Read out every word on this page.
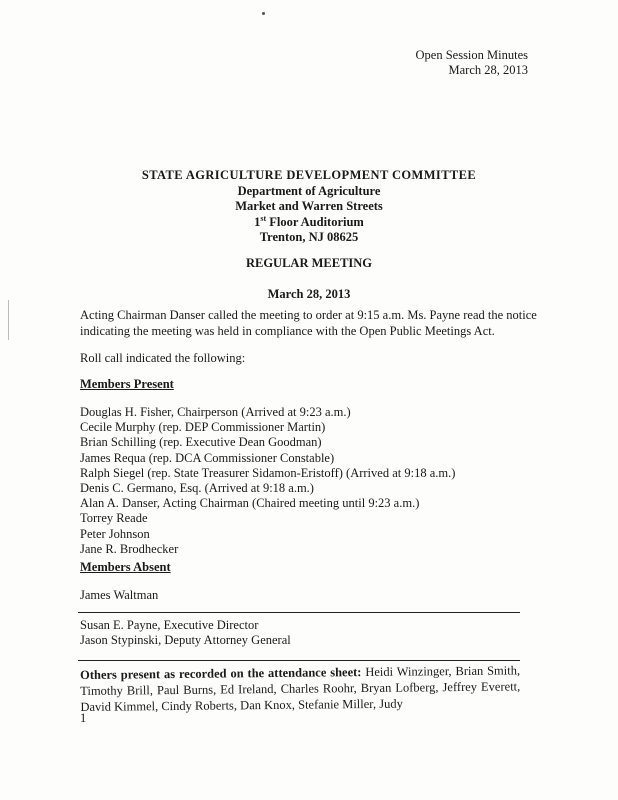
Open Session Minutes
March 28, 2013
STATE AGRICULTURE DEVELOPMENT COMMITTEE
Department of Agriculture
Market and Warren Streets
1st Floor Auditorium
Trenton, NJ 08625
REGULAR MEETING
March 28, 2013
Acting Chairman Danser called the meeting to order at 9:15 a.m. Ms. Payne read the notice indicating the meeting was held in compliance with the Open Public Meetings Act.
Roll call indicated the following:
Members Present
Douglas H. Fisher, Chairperson (Arrived at 9:23 a.m.)
Cecile Murphy (rep. DEP Commissioner Martin)
Brian Schilling (rep. Executive Dean Goodman)
James Requa (rep. DCA Commissioner Constable)
Ralph Siegel (rep. State Treasurer Sidamon-Eristoff) (Arrived at 9:18 a.m.)
Denis C. Germano, Esq. (Arrived at 9:18 a.m.)
Alan A. Danser, Acting Chairman (Chaired meeting until 9:23 a.m.)
Torrey Reade
Peter Johnson
Jane R. Brodhecker
Members Absent
James Waltman
Susan E. Payne, Executive Director
Jason Stypinski, Deputy Attorney General
Others present as recorded on the attendance sheet: Heidi Winzinger, Brian Smith, Timothy Brill, Paul Burns, Ed Ireland, Charles Roohr, Bryan Lofberg, Jeffrey Everett, David Kimmel, Cindy Roberts, Dan Knox, Stefanie Miller, Judy
1
